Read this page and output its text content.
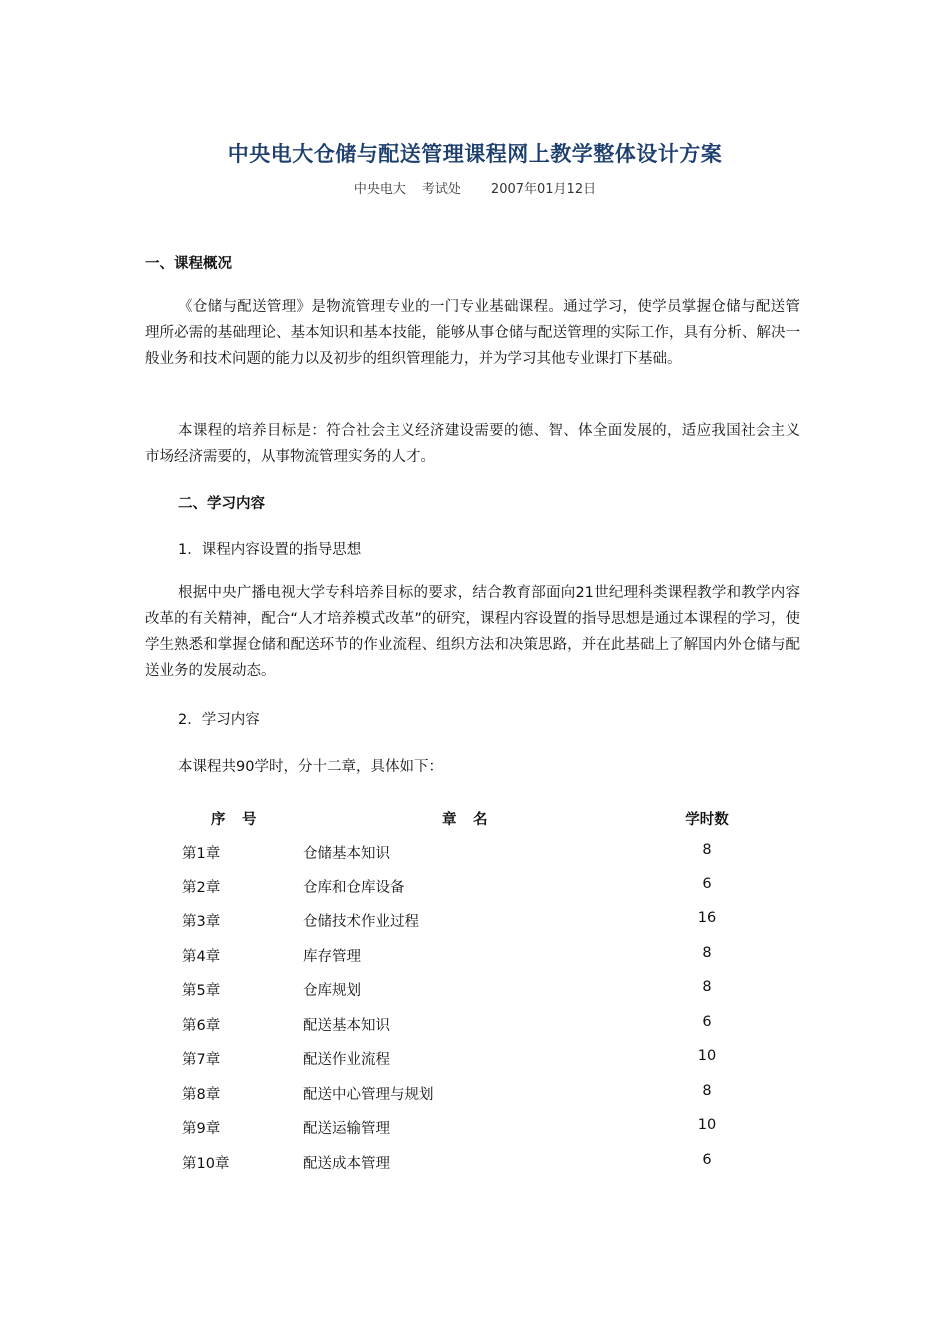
中央电大仓储与配送管理课程网上教学整体设计方案
中央电大 考试处 2007年01月12日
一、课程概况
《仓储与配送管理》是物流管理专业的一门专业基础课程。通过学习，使学员掌握仓储与配送管理所必需的基础理论、基本知识和基本技能，能够从事仓储与配送管理的实际工作，具有分析、解决一般业务和技术问题的能力以及初步的组织管理能力，并为学习其他专业课打下基础。
本课程的培养目标是：符合社会主义经济建设需要的德、智、体全面发展的，适应我国社会主义市场经济需要的，从事物流管理实务的人才。
二、学习内容
1．课程内容设置的指导思想
根据中央广播电视大学专科培养目标的要求，结合教育部面向21世纪理科类课程教学和教学内容改革的有关精神，配合“人才培养模式改革”的研究，课程内容设置的指导思想是通过本课程的学习，使学生熟悉和掌握仓储和配送环节的作业流程、组织方法和决策思路，并在此基础上了解国内外仓储与配送业务的发展动态。
2．学习内容
本课程共90学时，分十二章，具体如下：
序　号	章　名	学时数
第1章	仓储基本知识	8
第2章	仓库和仓库设备	6
第3章	仓储技术作业过程	16
第4章	库存管理	8
第5章	仓库规划	8
第6章	配送基本知识	6
第7章	配送作业流程	10
第8章	配送中心管理与规划	8
第9章	配送运输管理	10
第10章	配送成本管理	6
